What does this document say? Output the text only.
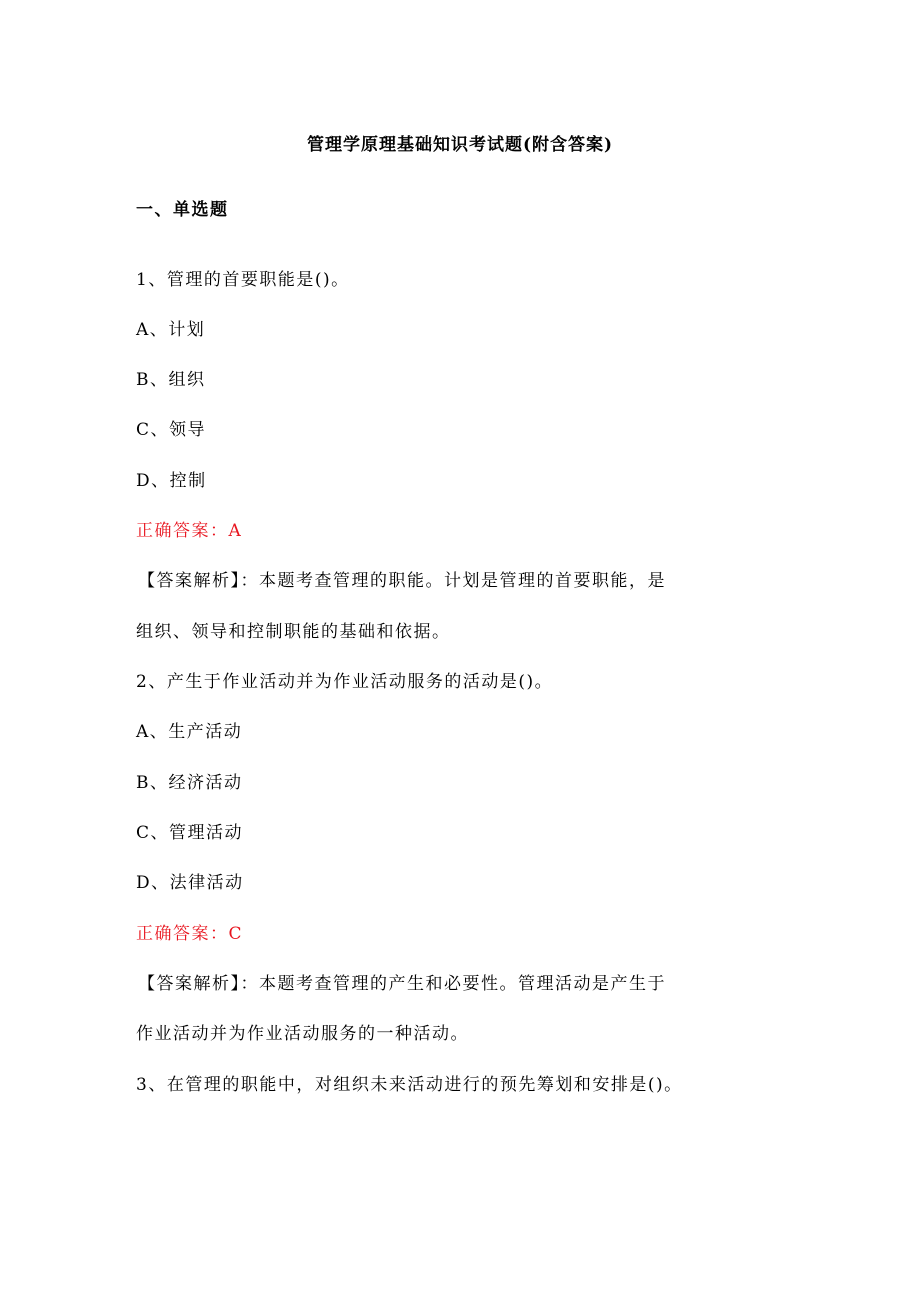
管理学原理基础知识考试题(附含答案)
一、单选题
1、管理的首要职能是()。
A、计划
B、组织
C、领导
D、控制
正确答案：A
【答案解析】：本题考查管理的职能。计划是管理的首要职能，是
组织、领导和控制职能的基础和依据。
2、产生于作业活动并为作业活动服务的活动是()。
A、生产活动
B、经济活动
C、管理活动
D、法律活动
正确答案：C
【答案解析】：本题考查管理的产生和必要性。管理活动是产生于
作业活动并为作业活动服务的一种活动。
3、在管理的职能中，对组织未来活动进行的预先筹划和安排是()。
